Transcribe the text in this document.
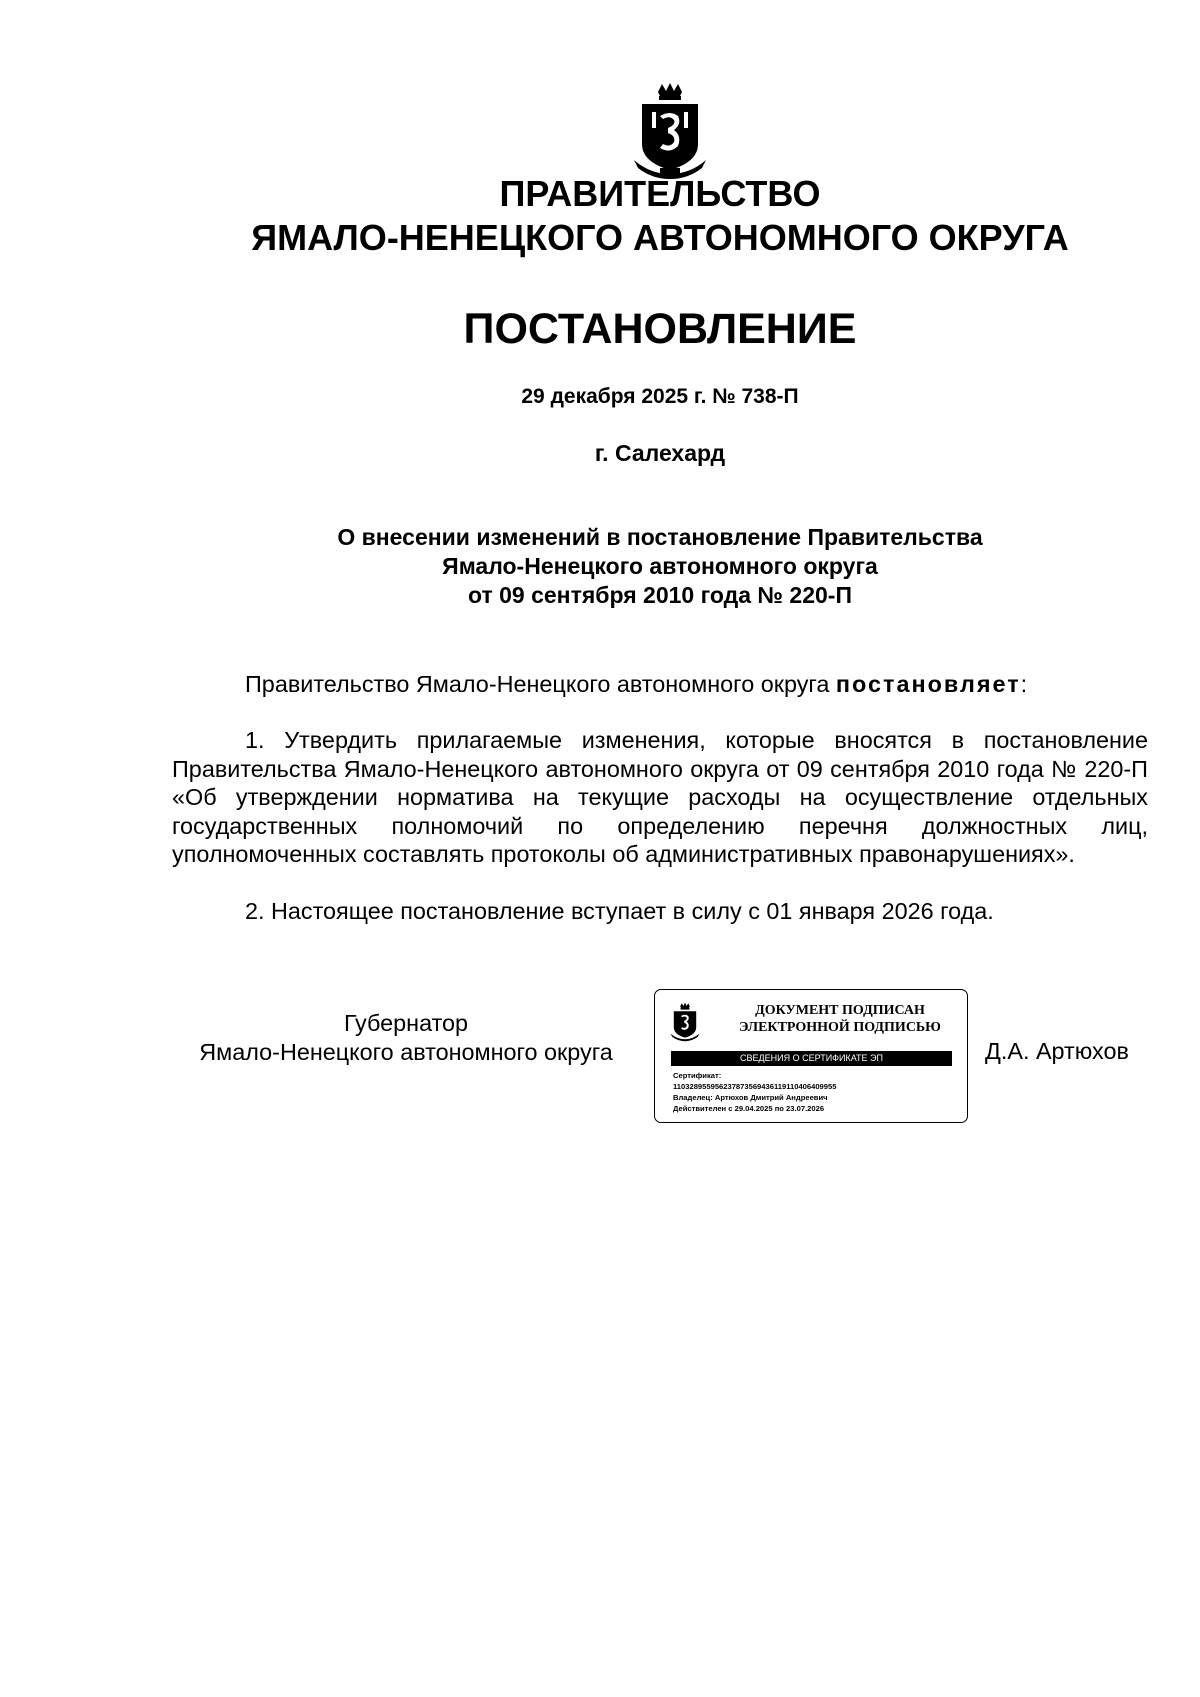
ПРАВИТЕЛЬСТВО
ЯМАЛО-НЕНЕЦКОГО АВТОНОМНОГО ОКРУГА
ПОСТАНОВЛЕНИЕ
29 декабря 2025 г. № 738-П
г. Салехард
О внесении изменений в постановление Правительства
Ямало-Ненецкого автономного округа
от 09 сентября 2010 года № 220-П
Правительство Ямало-Ненецкого автономного округа постановляет:
1. Утвердить прилагаемые изменения, которые вносятся в постановление Правительства Ямало-Ненецкого автономного округа от 09 сентября 2010 года № 220-П «Об утверждении норматива на текущие расходы на осуществление отдельных государственных полномочий по определению перечня должностных лиц, уполномоченных составлять протоколы об административных правонарушениях».
2. Настоящее постановление вступает в силу с 01 января 2026 года.
Губернатор
Ямало-Ненецкого автономного округа
ДОКУМЕНТ ПОДПИСАН
ЭЛЕКТРОННОЙ ПОДПИСЬЮ
СВЕДЕНИЯ О СЕРТИФИКАТЕ ЭП
Сертификат:
110328955956237873569436119110406409955
Владелец: Артюхов Дмитрий Андреевич
Действителен с 29.04.2025 по 23.07.2026
Д.А. Артюхов
